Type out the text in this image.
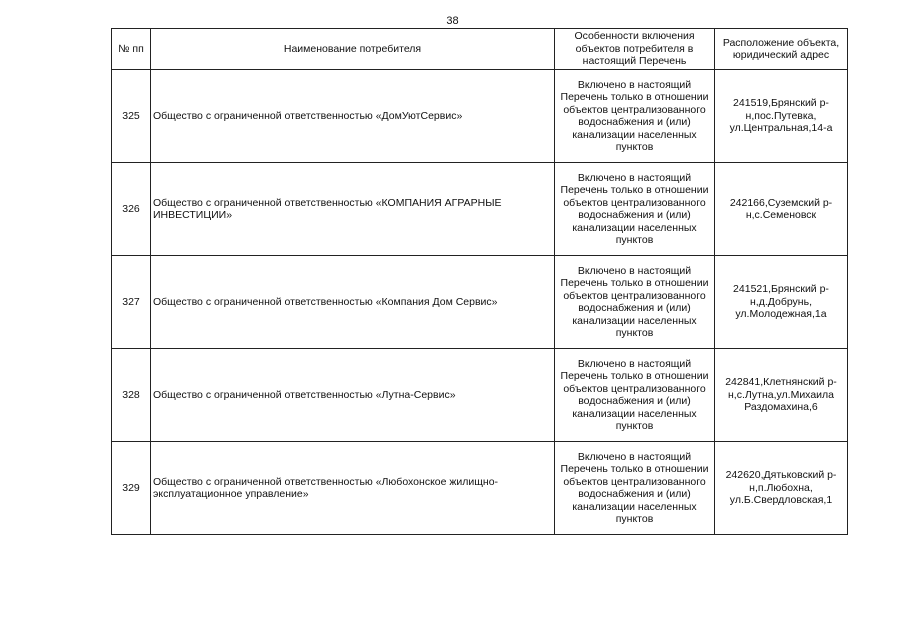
38
№ пп	Наименование потребителя	Особенности включения объектов потребителя в настоящий Перечень	Расположение объекта, юридический адрес
325	Общество с ограниченной ответственностью «ДомУютСервис»	Включено в настоящий Перечень только в отношении объектов централизованного водоснабжения и (или) канализации населенных пунктов	241519,Брянский р-н,пос.Путевка, ул.Центральная,14-а
326	Общество с ограниченной ответственностью «КОМПАНИЯ АГРАРНЫЕ ИНВЕСТИЦИИ»	Включено в настоящий Перечень только в отношении объектов централизованного водоснабжения и (или) канализации населенных пунктов	242166,Суземский р-н,с.Семеновск
327	Общество с ограниченной ответственностью «Компания Дом Сервис»	Включено в настоящий Перечень только в отношении объектов централизованного водоснабжения и (или) канализации населенных пунктов	241521,Брянский р-н,д.Добрунь, ул.Молодежная,1а
328	Общество с ограниченной ответственностью «Лутна-Сервис»	Включено в настоящий Перечень только в отношении объектов централизованного водоснабжения и (или) канализации населенных пунктов	242841,Клетнянский р-н,с.Лутна,ул.Михаила Раздомахина,6
329	Общество с ограниченной ответственностью «Любохонское жилищно-эксплуатационное управление»	Включено в настоящий Перечень только в отношении объектов централизованного водоснабжения и (или) канализации населенных пунктов	242620,Дятьковский р-н,п.Любохна, ул.Б.Свердловская,1
